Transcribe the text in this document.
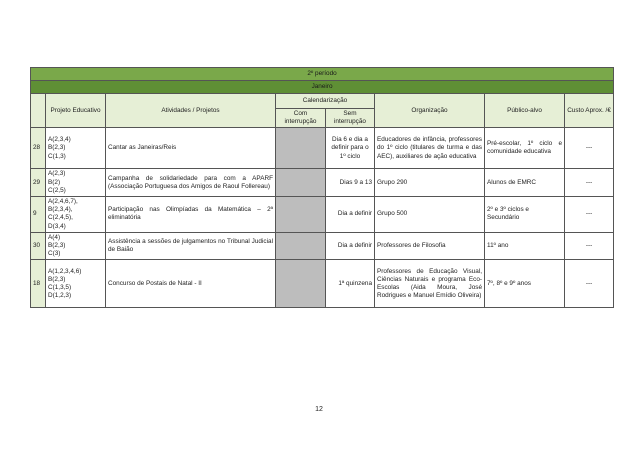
2º período							
Janeiro							
	Projeto Educativo	Atividades / Projetos	Calendarização		Organização	Público-alvo	Custo Aprox. /€
			Com interrupção	Sem interrupção			
28	A(2,3,4)
B(2,3)
C(1,3)	Cantar as Janeiras/Reis		Dia 6 e dia a definir para o 1º ciclo	Educadores de infância, professores do 1º ciclo (titulares de turma e das AEC), auxiliares de ação educativa	Pré-escolar, 1º ciclo e comunidade educativa	---
29	A(2,3)
B(2)
C(2,5)	Campanha de solidariedade para com a APARF (Associação Portuguesa dos Amigos de Raoul Follereau)		Dias 9 a 13	Grupo 290	Alunos de EMRC	---
9	A(2,4,6,7),
B(2,3,4),
C(2,4,5),
D(3,4)	Participação nas Olimpíadas da Matemática – 2ª eliminatória		Dia a definir	Grupo 500	2º e 3º ciclos e Secundário	---
30	A(4)
B(2,3)
C(3)	Assistência a sessões de julgamentos no Tribunal Judicial de Baião		Dia a definir	Professores de Filosofia	11º ano	---
18	A(1,2,3,4,6)
B(2,3)
C(1,3,5)
D(1,2,3)	Concurso de Postais de Natal - II		1ª quinzena	Professores de Educação Visual, Ciências Naturais e programa Eco-Escolas (Aida Moura, José Rodrigues e Manuel Emídio Oliveira)	7º, 8º e 9º anos	---
12
